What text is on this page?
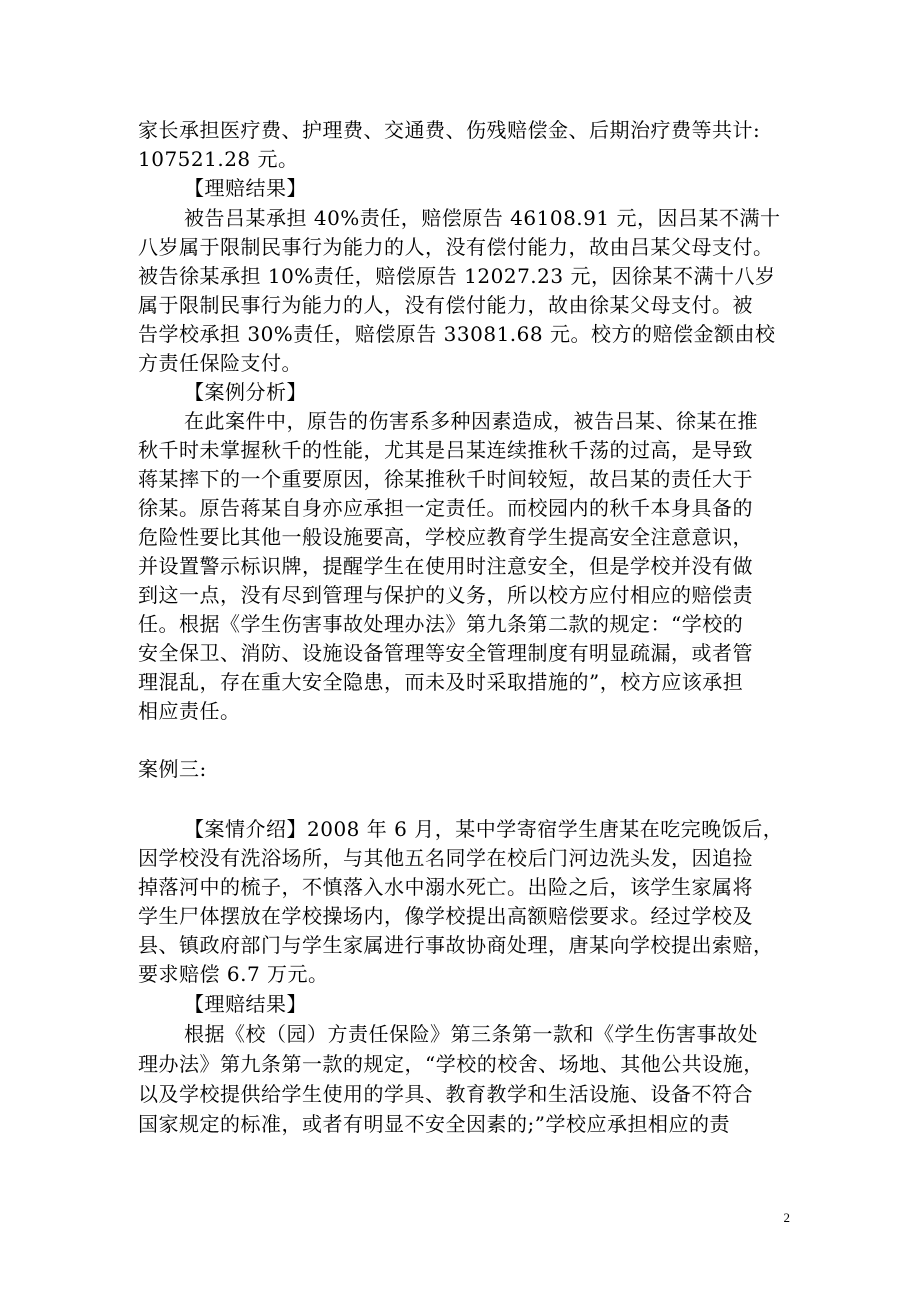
家长承担医疗费、护理费、交通费、伤残赔偿金、后期治疗费等共计:
107521.28 元。
【理赔结果】
被告吕某承担 40%责任，赔偿原告 46108.91 元，因吕某不满十
八岁属于限制民事行为能力的人，没有偿付能力，故由吕某父母支付。
被告徐某承担 10%责任，赔偿原告 12027.23 元，因徐某不满十八岁
属于限制民事行为能力的人，没有偿付能力，故由徐某父母支付。被
告学校承担 30%责任，赔偿原告 33081.68 元。校方的赔偿金额由校
方责任保险支付。
【案例分析】
在此案件中，原告的伤害系多种因素造成，被告吕某、徐某在推
秋千时未掌握秋千的性能，尤其是吕某连续推秋千荡的过高，是导致
蒋某摔下的一个重要原因，徐某推秋千时间较短，故吕某的责任大于
徐某。原告蒋某自身亦应承担一定责任。而校园内的秋千本身具备的
危险性要比其他一般设施要高，学校应教育学生提高安全注意意识，
并设置警示标识牌，提醒学生在使用时注意安全，但是学校并没有做
到这一点，没有尽到管理与保护的义务，所以校方应付相应的赔偿责
任。根据《学生伤害事故处理办法》第九条第二款的规定：“学校的
安全保卫、消防、设施设备管理等安全管理制度有明显疏漏，或者管
理混乱，存在重大安全隐患，而未及时采取措施的”，校方应该承担
相应责任。
案例三:
【案情介绍】2008 年 6 月，某中学寄宿学生唐某在吃完晚饭后，
因学校没有洗浴场所，与其他五名同学在校后门河边洗头发，因追捡
掉落河中的梳子，不慎落入水中溺水死亡。出险之后，该学生家属将
学生尸体摆放在学校操场内，像学校提出高额赔偿要求。经过学校及
县、镇政府部门与学生家属进行事故协商处理，唐某向学校提出索赔，
要求赔偿 6.7 万元。
【理赔结果】
根据《校（园）方责任保险》第三条第一款和《学生伤害事故处
理办法》第九条第一款的规定，“学校的校舍、场地、其他公共设施，
以及学校提供给学生使用的学具、教育教学和生活设施、设备不符合
国家规定的标准，或者有明显不安全因素的;”学校应承担相应的责
2
